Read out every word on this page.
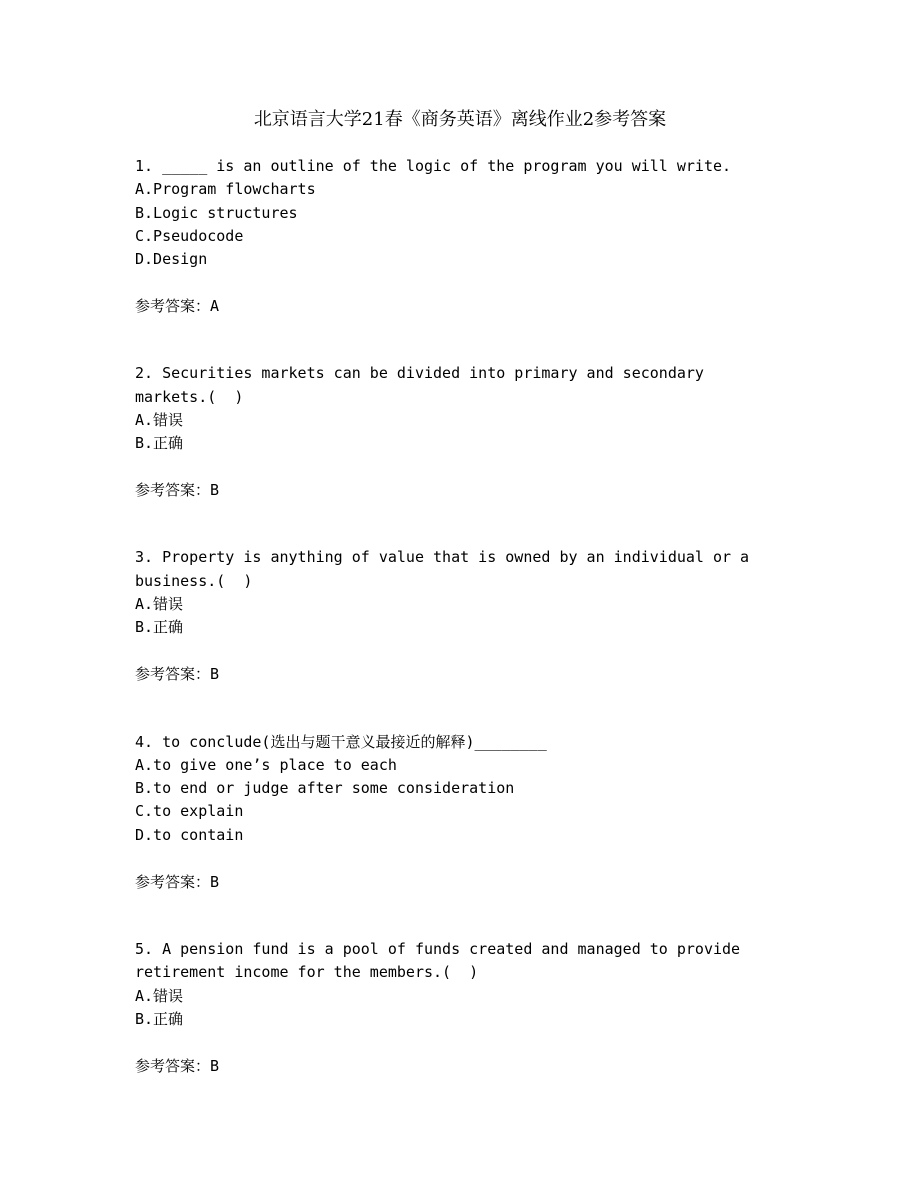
北京语言大学21春《商务英语》离线作业2参考答案
1. _____ is an outline of the logic of the program you will write.
A.Program flowcharts
B.Logic structures
C.Pseudocode
D.Design
参考答案：A
2. Securities markets can be divided into primary and secondary
markets.(  )
A.错误
B.正确
参考答案：B
3. Property is anything of value that is owned by an individual or a
business.(  )
A.错误
B.正确
参考答案：B
4. to conclude(选出与题干意义最接近的解释)________
A.to give one’s place to each
B.to end or judge after some consideration
C.to explain
D.to contain
参考答案：B
5. A pension fund is a pool of funds created and managed to provide
retirement income for the members.(  )
A.错误
B.正确
参考答案：B
